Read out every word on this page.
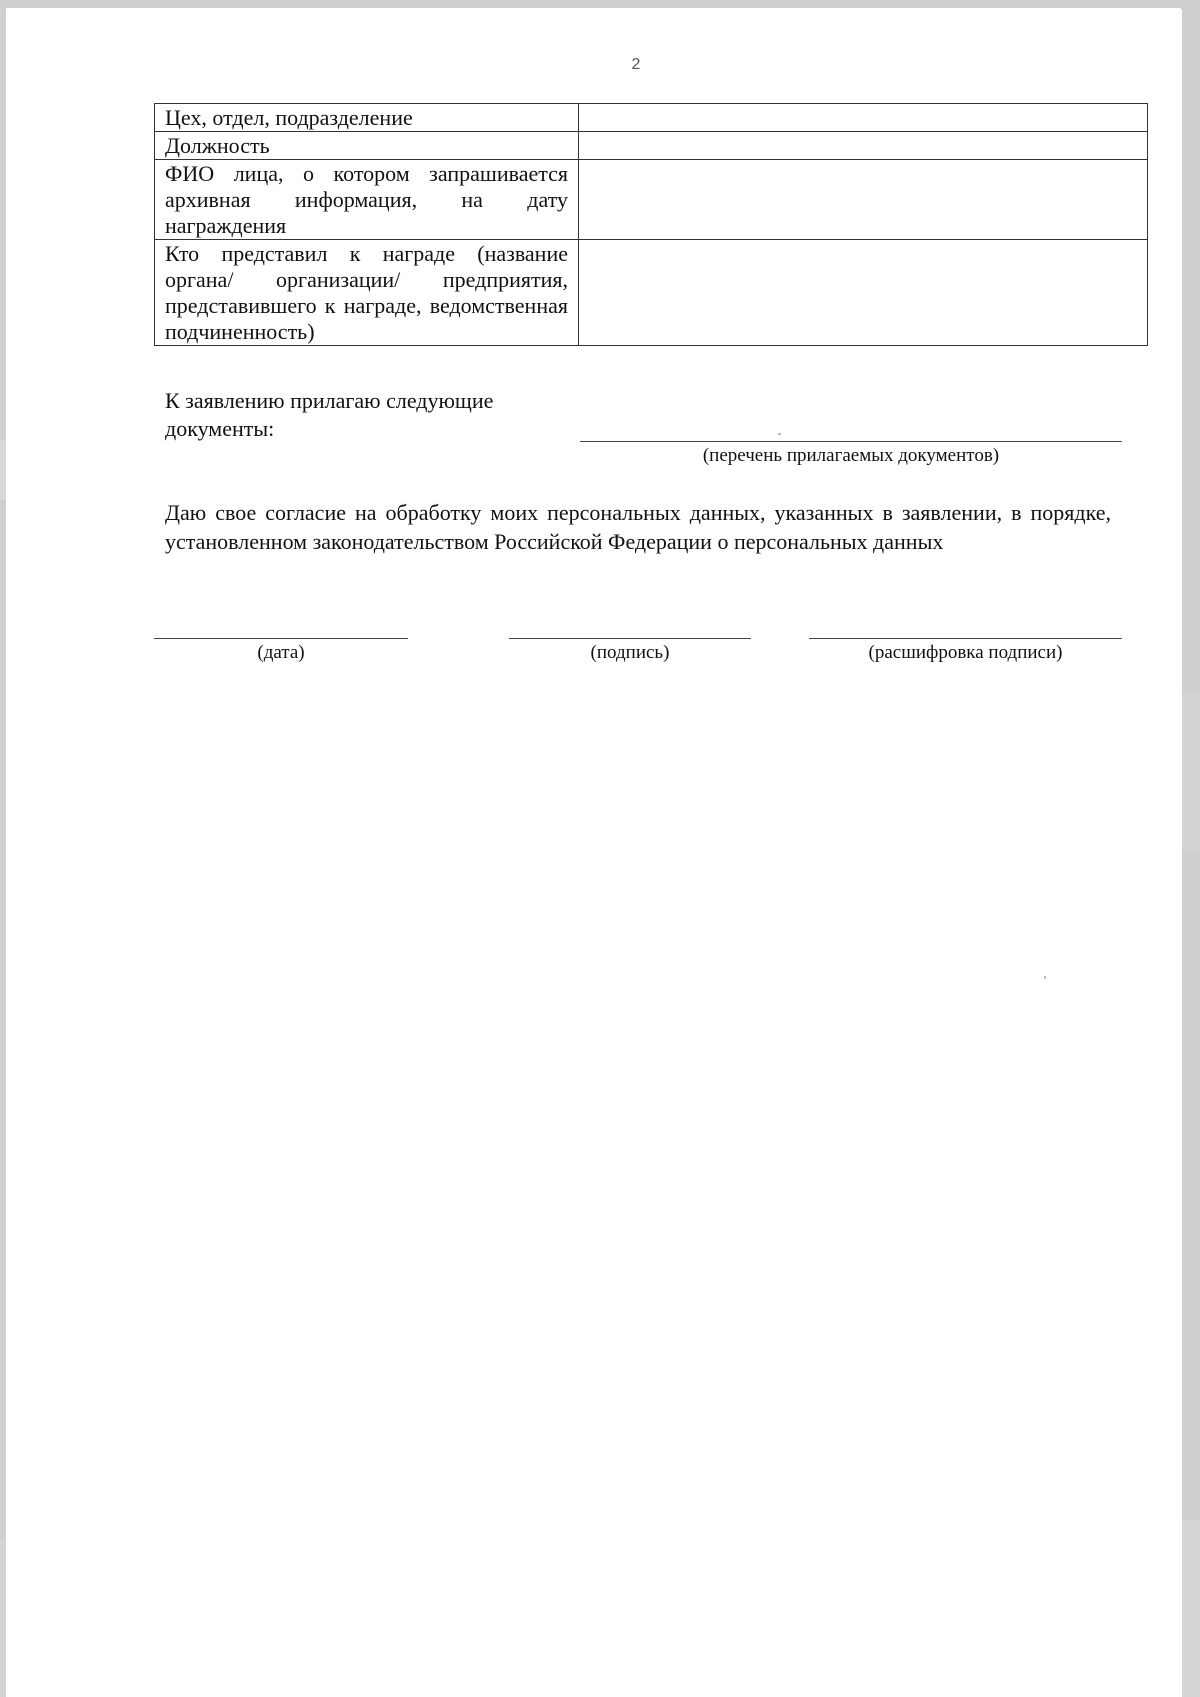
2
Цех, отдел, подразделение	
Должность	
ФИО лица, о котором запрашивается архивная информация, на дату награждения	
Кто представил к награде (название органа/ организации/ предприятия, представившего к награде, ведомственная подчиненность)	
К заявлению прилагаю следующие документы:
(перечень прилагаемых документов)
Даю свое согласие на обработку моих персональных данных, указанных в заявлении, в порядке, установленном законодательством Российской Федерации о персональных данных
(дата)	(подпись)	(расшифровка подписи)
